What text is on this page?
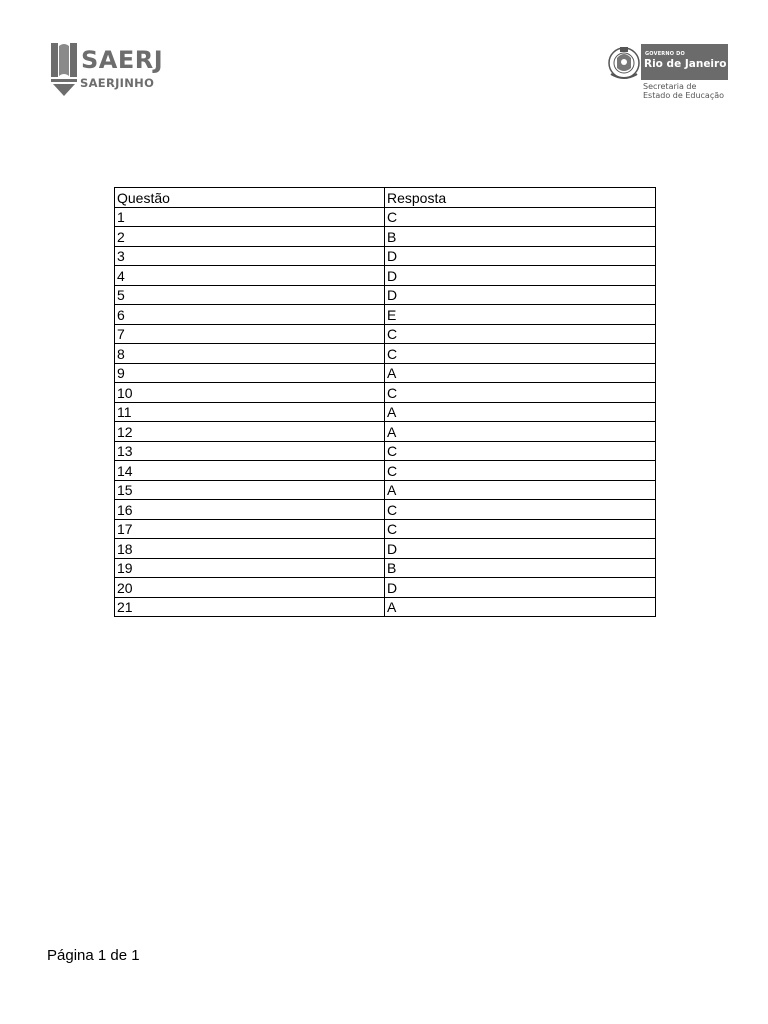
SAERJ
SAERJINHO
GOVERNO DO
Rio de Janeiro
Secretaria de
Estado de Educação
Questão	Resposta
1	C
2	B
3	D
4	D
5	D
6	E
7	C
8	C
9	A
10	C
11	A
12	A
13	C
14	C
15	A
16	C
17	C
18	D
19	B
20	D
21	A
Página 1 de 1
